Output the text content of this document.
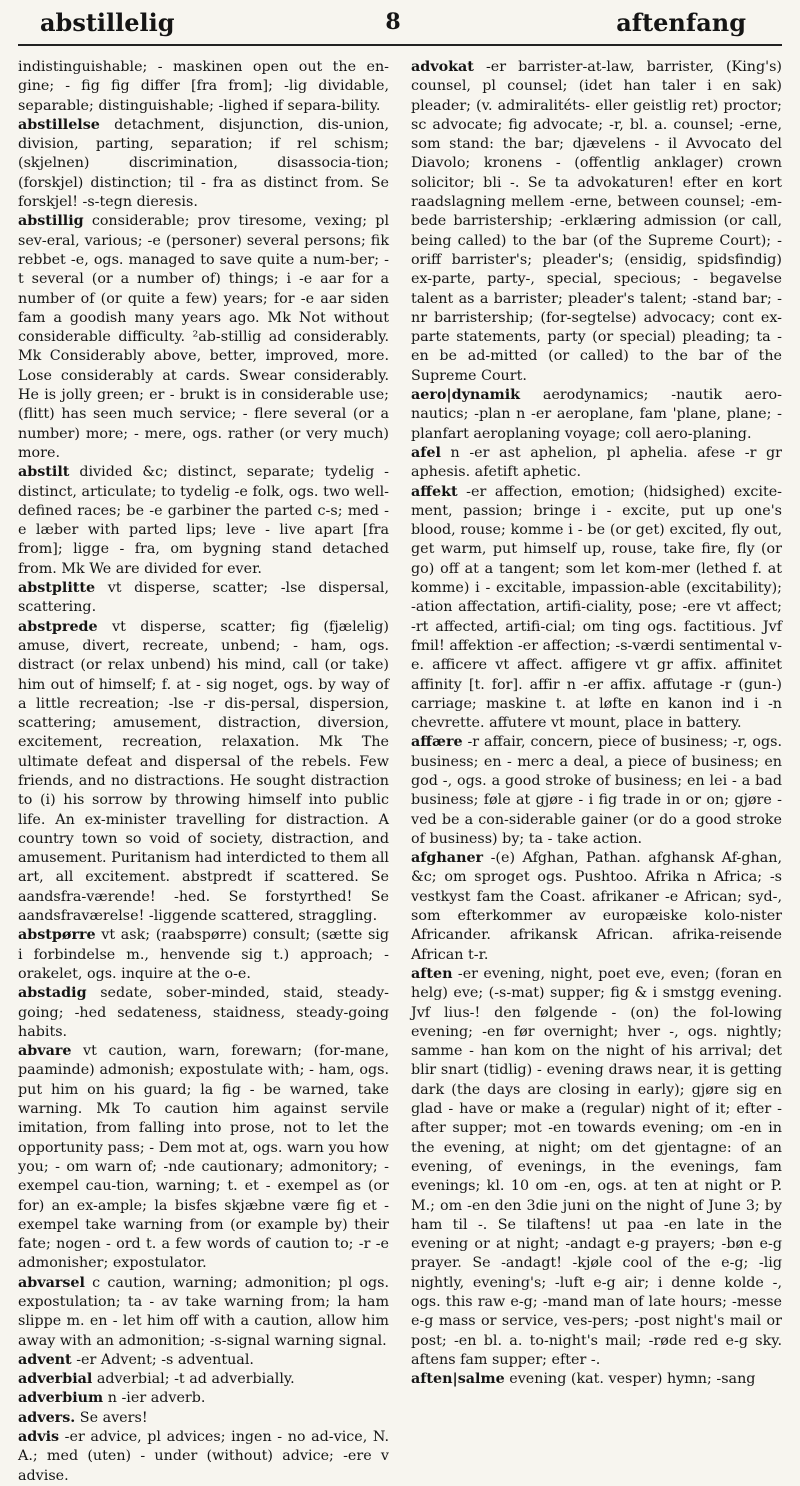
abstillelig	8	aftenfang

indistinguishable; - maskinen open out the en-gine; - fig fig differ [fra from]; -lig dividable, separable; distinguishable; -lighed if separa-bility.

abstillelse detachment, disjunction, dis-union, division, parting, separation; if rel schism; (skjelnen) discrimination, disassocia-tion; (forskjel) distinction; til - fra as distinct from. Se forskjel! -s-tegn dieresis.

abstillig considerable; prov tiresome, vexing; pl sev-eral, various; -e (personer) several persons; fik rebbet -e, ogs. managed to save quite a num-ber; -t several (or a number of) things; i -e aar for a number of (or quite a few) years; for -e aar siden fam a goodish many years ago. Mk Not without considerable difficulty. ²ab-stillig ad considerably. Mk Considerably above, better, improved, more. Lose considerably at cards. Swear considerably. He is jolly green; er - brukt is in considerable use; (flitt) has seen much service; - flere several (or a number) more; - mere, ogs. rather (or very much) more.

abstilt divided &c; distinct, separate; tydelig - distinct, articulate; to tydelig -e folk, ogs. two well-defined races; be -e garbiner the parted c-s; med -e læber with parted lips; leve - live apart [fra from]; ligge - fra, om bygning stand detached from. Mk We are divided for ever.

abstplitte vt disperse, scatter; -lse dispersal, scattering.

abstprede vt disperse, scatter; fig (fjælelig) amuse, divert, recreate, unbend; - ham, ogs. distract (or relax unbend) his mind, call (or take) him out of himself; f. at - sig noget, ogs. by way of a little recreation; -lse -r dis-persal, dispersion, scattering; amusement, distraction, diversion, excitement, recreation, relaxation. Mk The ultimate defeat and dispersal of the rebels. Few friends, and no distractions. He sought distraction to (i) his sorrow by throwing himself into public life. An ex-minister travelling for distraction. A country town so void of society, distraction, and amusement. Puritanism had interdicted to them all art, all excitement. abstpredt if scattered. Se aandsfra-værende! -hed. Se forstyrthed! Se aandsfraværelse! -liggende scattered, straggling.

abstpørre vt ask; (raabspørre) consult; (sætte sig i forbindelse m., henvende sig t.) approach; - orakelet, ogs. inquire at the o-e.

abstadig sedate, sober-minded, staid, steady-going; -hed sedateness, staidness, steady-going habits.

abvare vt caution, warn, forewarn; (for-mane, paaminde) admonish; expostulate with; - ham, ogs. put him on his guard; la fig - be warned, take warning. Mk To caution him against servile imitation, from falling into prose, not to let the opportunity pass; - Dem mot at, ogs. warn you how you; - om warn of; -nde cautionary; admonitory; - exempel cau-tion, warning; t. et - exempel as (or for) an ex-ample; la bisfes skjæbne være fig et - exempel take warning from (or example by) their fate; nogen - ord t. a few words of caution to; -r -e admonisher; expostulator.

abvarsel c caution, warning; admonition; pl ogs. expostulation; ta - av take warning from; la ham slippe m. en - let him off with a caution, allow him away with an admonition; -s-signal warning signal.

advent -er Advent; -s adventual.

adverbial adverbial; -t ad adverbially.

adverbium n -ier adverb.

advers. Se avers!

advis -er advice, pl advices; ingen - no ad-vice, N. A.; med (uten) - under (without) advice; -ere v advise.

advokat -er barrister-at-law, barrister, (King's) counsel, pl counsel; (idet han taler i en sak) pleader; (v. admiralitéts- eller geistlig ret) proctor; sc advocate; fig advocate; -r, bl. a. counsel; -erne, som stand: the bar; djævelens - il Avvocato del Diavolo; kronens - (offentlig anklager) crown solicitor; bli -. Se ta advokaturen! efter en kort raadslagning mellem -erne, between counsel; -em-bede barristership; -erklæring admission (or call, being called) to the bar (of the Supreme Court); -oriff barrister's; pleader's; (ensidig, spidsfindig) ex-parte, party-, special, specious; - begavelse talent as a barrister; pleader's talent; -stand bar; -nr barristership; (for-segtelse) advocacy; cont ex-parte statements, party (or special) pleading; ta -en be ad-mitted (or called) to the bar of the Supreme Court.

aero|dynamik aerodynamics; -nautik aero-nautics; -plan n -er aeroplane, fam 'plane, plane; -planfart aeroplaning voyage; coll aero-planing.

afel n -er ast aphelion, pl aphelia. afese -r gr aphesis. afetift aphetic.

affekt -er affection, emotion; (hidsighed) excite-ment, passion; bringe i - excite, put up one's blood, rouse; komme i - be (or get) excited, fly out, get warm, put himself up, rouse, take fire, fly (or go) off at a tangent; som let kom-mer (lethed f. at komme) i - excitable, impassion-able (excitability); -ation affectation, artifi-ciality, pose; -ere vt affect; -rt affected, artifi-cial; om ting ogs. factitious. Jvf fmil! affektion -er affection; -s-værdi sentimental v-e. afficere vt affect. affigere vt gr affix. affinitet affinity [t. for]. affir n -er affix. affutage -r (gun-) carriage; maskine t. at løfte en kanon ind i -n chevrette. affutere vt mount, place in battery.

affære -r affair, concern, piece of business; -r, ogs. business; en - merc a deal, a piece of business; en god -, ogs. a good stroke of business; en lei - a bad business; føle at gjøre - i fig trade in or on; gjøre - ved be a con-siderable gainer (or do a good stroke of business) by; ta - take action.

afghaner -(e) Afghan, Pathan. afghansk Af-ghan, &c; om sproget ogs. Pushtoo. Afrika n Africa; -s vestkyst fam the Coast. afrikaner -e African; syd-, som efterkommer av europæiske kolo-nister Africander. afrikansk African. afrika-reisende African t-r.

aften -er evening, night, poet eve, even; (foran en helg) eve; (-s-mat) supper; fig & i smstgg evening. Jvf lius-! den følgende - (on) the fol-lowing evening; -en før overnight; hver -, ogs. nightly; samme - han kom on the night of his arrival; det blir snart (tidlig) - evening draws near, it is getting dark (the days are closing in early); gjøre sig en glad - have or make a (regular) night of it; efter - after supper; mot -en towards evening; om -en in the evening, at night; om det gjentagne: of an evening, of evenings, in the evenings, fam evenings; kl. 10 om -en, ogs. at ten at night or P. M.; om -en den 3die juni on the night of June 3; by ham til -. Se tilaftens! ut paa -en late in the evening or at night; -andagt e-g prayers; -bøn e-g prayer. Se -andagt! -kjøle cool of the e-g; -lig nightly, evening's; -luft e-g air; i denne kolde -, ogs. this raw e-g; -mand man of late hours; -messe e-g mass or service, ves-pers; -post night's mail or post; -en bl. a. to-night's mail; -røde red e-g sky. aftens fam supper; efter -.

aften|salme evening (kat. vesper) hymn; -sang
